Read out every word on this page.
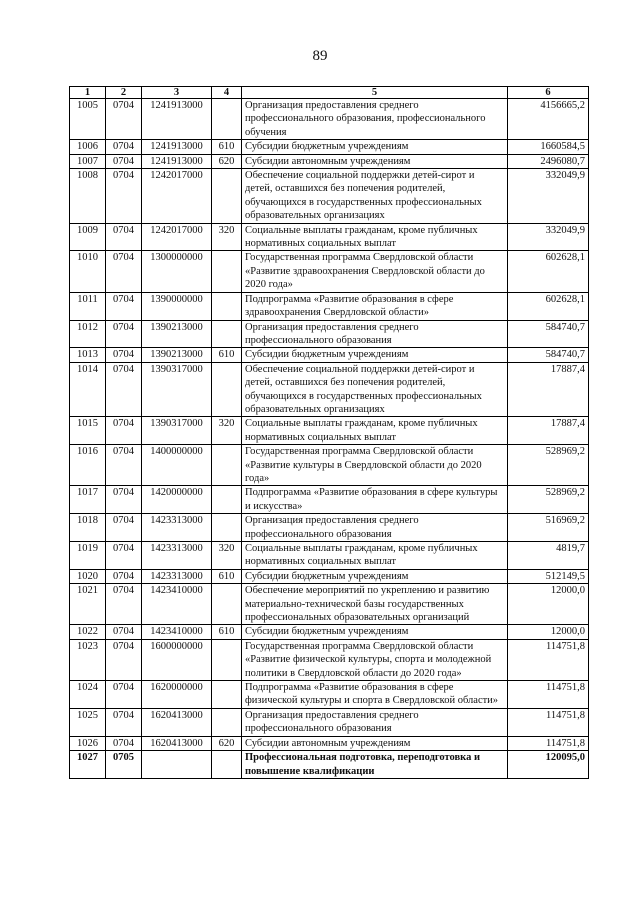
89
1	2	3	4	5	6
1005	0704	1241913000		Организация предоставления среднего профессионального образования, профессионального обучения	4156665,2
1006	0704	1241913000	610	Субсидии бюджетным учреждениям	1660584,5
1007	0704	1241913000	620	Субсидии автономным учреждениям	2496080,7
1008	0704	1242017000		Обеспечение социальной поддержки детей-сирот и детей, оставшихся без попечения родителей, обучающихся в государственных профессиональных образовательных организациях	332049,9
1009	0704	1242017000	320	Социальные выплаты гражданам, кроме публичных нормативных социальных выплат	332049,9
1010	0704	1300000000		Государственная программа Свердловской области «Развитие здравоохранения Свердловской области до 2020 года»	602628,1
1011	0704	1390000000		Подпрограмма «Развитие образования в сфере здравоохранения Свердловской области»	602628,1
1012	0704	1390213000		Организация предоставления среднего профессионального образования	584740,7
1013	0704	1390213000	610	Субсидии бюджетным учреждениям	584740,7
1014	0704	1390317000		Обеспечение социальной поддержки детей-сирот и детей, оставшихся без попечения родителей, обучающихся в государственных профессиональных образовательных организациях	17887,4
1015	0704	1390317000	320	Социальные выплаты гражданам, кроме публичных нормативных социальных выплат	17887,4
1016	0704	1400000000		Государственная программа Свердловской области «Развитие культуры в Свердловской области до 2020 года»	528969,2
1017	0704	1420000000		Подпрограмма «Развитие образования в сфере культуры и искусства»	528969,2
1018	0704	1423313000		Организация предоставления среднего профессионального образования	516969,2
1019	0704	1423313000	320	Социальные выплаты гражданам, кроме публичных нормативных социальных выплат	4819,7
1020	0704	1423313000	610	Субсидии бюджетным учреждениям	512149,5
1021	0704	1423410000		Обеспечение мероприятий по укреплению и развитию материально-технической базы государственных профессиональных образовательных организаций	12000,0
1022	0704	1423410000	610	Субсидии бюджетным учреждениям	12000,0
1023	0704	1600000000		Государственная программа Свердловской области «Развитие физической культуры, спорта и молодежной политики в Свердловской области до 2020 года»	114751,8
1024	0704	1620000000		Подпрограмма «Развитие образования в сфере физической культуры и спорта в Свердловской области»	114751,8
1025	0704	1620413000		Организация предоставления среднего профессионального образования	114751,8
1026	0704	1620413000	620	Субсидии автономным учреждениям	114751,8
1027	0705			Профессиональная подготовка, переподготовка и повышение квалификации	120095,0
